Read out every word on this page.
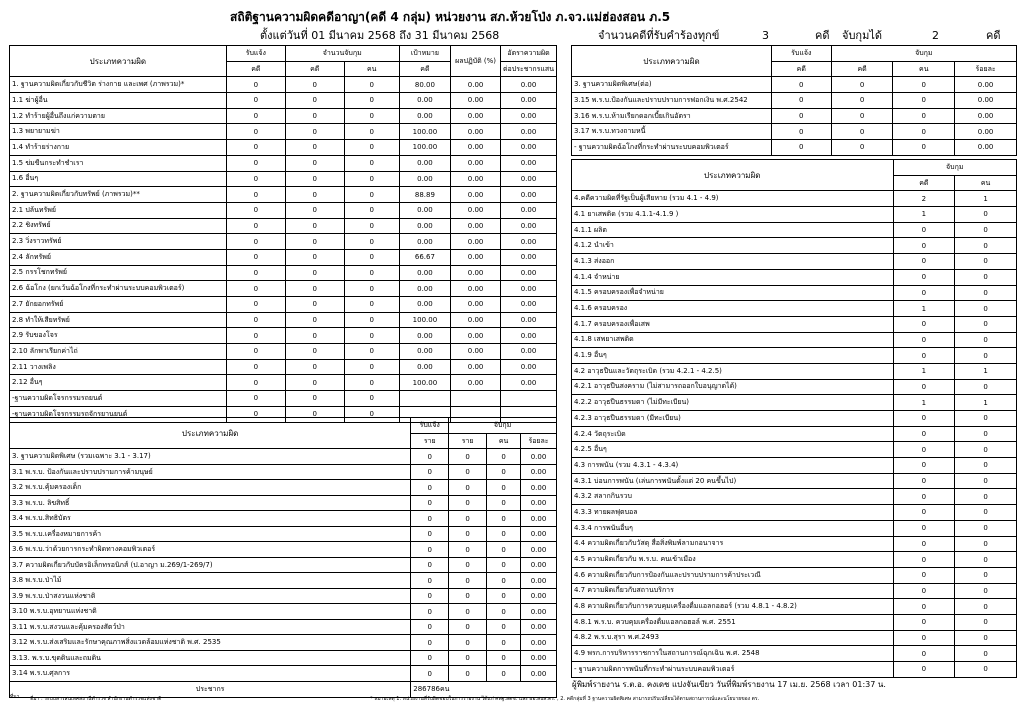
สถิติฐานความผิดคดีอาญา(คดี 4 กลุ่ม) หน่วยงาน สภ.ห้วยโป่ง ภ.จว.แม่ฮ่องสอน ภ.5
ตั้งแต่วันที่ 01 มีนาคม 2568 ถึง 31 มีนาคม 2568	จำนวนคดีที่รับคำร้องทุกข์	3	คดี จับกุมได้	2	คดี
ประเภทความผิด	รับแจ้ง	จำนวนจับกุม		เป้าหมาย	ผลปฏิบัติ (%)	อัตราความผิด
	คดี	คดี	คน	คดี		ต่อประชากรแสน
1. ฐานความผิดเกี่ยวกับชีวิต ร่างกาย และเพศ (ภาพรวม)*	0	0	0	80.00	0.00	0.00
1.1 ฆ่าผู้อื่น	0	0	0	0.00	0.00	0.00
1.2 ทำร้ายผู้อื่นถึงแก่ความตาย	0	0	0	0.00	0.00	0.00
1.3 พยายามฆ่า	0	0	0	100.00	0.00	0.00
1.4 ทำร้ายร่างกาย	0	0	0	100.00	0.00	0.00
1.5 ข่มขืนกระทำชำเรา	0	0	0	0.00	0.00	0.00
1.6 อื่นๆ	0	0	0	0.00	0.00	0.00
2. ฐานความผิดเกี่ยวกับทรัพย์ (ภาพรวม)**	0	0	0	88.89	0.00	0.00
2.1 ปล้นทรัพย์	0	0	0	0.00	0.00	0.00
2.2 ชิงทรัพย์	0	0	0	0.00	0.00	0.00
2.3 วิ่งราวทรัพย์	0	0	0	0.00	0.00	0.00
2.4 ลักทรัพย์	0	0	0	66.67	0.00	0.00
2.5 กรรโชกทรัพย์	0	0	0	0.00	0.00	0.00
2.6 ฉ้อโกง (ยกเว้นฉ้อโกงที่กระทำผ่านระบบคอมพิวเตอร์)	0	0	0	0.00	0.00	0.00
2.7 ยักยอกทรัพย์	0	0	0	0.00	0.00	0.00
2.8 ทำให้เสียทรัพย์	0	0	0	100.00	0.00	0.00
2.9 รับของโจร	0	0	0	0.00	0.00	0.00
2.10 ลักพาเรียกค่าไถ่	0	0	0	0.00	0.00	0.00
2.11 วางเพลิง	0	0	0	0.00	0.00	0.00
2.12 อื่นๆ	0	0	0	100.00	0.00	0.00
-ฐานความผิดโจรกรรมรถยนต์	0	0	0			
-ฐานความผิดโจรกรรมรถจักรยานยนต์	0	0	0			
ประเภทความผิด	รับแจ้ง	จับกุม		
	ราย	ราย	คน	ร้อยละ
3. ฐานความผิดพิเศษ (รวมเฉพาะ 3.1 - 3.17)	0	0	0	0.00
3.1 พ.ร.บ. ป้องกันและปราบปรามการค้ามนุษย์	0	0	0	0.00
3.2 พ.ร.บ.คุ้มครองเด็ก	0	0	0	0.00
3.3 พ.ร.บ. ลิขสิทธิ์	0	0	0	0.00
3.4 พ.ร.บ.สิทธิบัตร	0	0	0	0.00
3.5 พ.ร.บ.เครื่องหมายการค้า	0	0	0	0.00
3.6 พ.ร.บ.ว่าด้วยการกระทำผิดทางคอมพิวเตอร์	0	0	0	0.00
3.7 ความผิดเกี่ยวกับบัตรอิเล็กทรอนิกส์ (ป.อาญา ม.269/1-269/7)	0	0	0	0.00
3.8 พ.ร.บ.ป่าไม้	0	0	0	0.00
3.9 พ.ร.บ.ป่าสงวนแห่งชาติ	0	0	0	0.00
3.10 พ.ร.บ.อุทยานแห่งชาติ	0	0	0	0.00
3.11 พ.ร.บ.สงวนและคุ้มครองสัตว์ป่า	0	0	0	0.00
3.12 พ.ร.บ.ส่งเสริมและรักษาคุณภาพสิ่งแวดล้อมแห่งชาติ พ.ศ. 2535	0	0	0	0.00
3.13. พ.ร.บ.ขุดดินและถมดิน	0	0	0	0.00
3.14 พ.ร.บ.ศุลการ	0	0	0	0.00
ประชากร	286786คน			
ประเภทความผิด	รับแจ้ง	จับกุม		
	คดี	คดี	คน	ร้อยละ
3. ฐานความผิดพิเศษ(ต่อ)	0	0	0	0.00
3.15 พ.ร.บ.ป้องกันและปราบปรามการฟอกเงิน พ.ศ.2542	0	0	0	0.00
3.16 พ.ร.บ.ห้ามเรียกดอกเบี้ยเกินอัตรา	0	0	0	0.00
3.17 พ.ร.บ.ทวงถามหนี้	0	0	0	0.00
- ฐานความผิดฉ้อโกงที่กระทำผ่านระบบคอมพิวเตอร์	0	0	0	0.00
ประเภทความผิด	จับกุม	
	คดี	คน
4.คดีความผิดที่รัฐเป็นผู้เสียหาย (รวม 4.1 - 4.9)	2	1
4.1 ยาเสพติด (รวม 4.1.1-4.1.9 )	1	0
4.1.1 ผลิต	0	0
4.1.2 นำเข้า	0	0
4.1.3 ส่งออก	0	0
4.1.4 จำหน่าย	0	0
4.1.5 ครอบครองเพื่อจำหน่าย	0	0
4.1.6 ครอบครอง	1	0
4.1.7 ครอบครองเพื่อเสพ	0	0
4.1.8 เสพยาเสพติด	0	0
4.1.9 อื่นๆ	0	0
4.2 อาวุธปืนและวัตถุระเบิด (รวม 4.2.1 - 4.2.5)	1	1
4.2.1 อาวุธปืนสงคราม (ไม่สามารถออกใบอนุญาตได้)	0	0
4.2.2 อาวุธปืนธรรมดา (ไม่มีทะเบียน)	1	1
4.2.3 อาวุธปืนธรรมดา (มีทะเบียน)	0	0
4.2.4 วัตถุระเบิด	0	0
4.2.5 อื่นๆ	0	0
4.3 การพนัน (รวม 4.3.1 - 4.3.4)	0	0
4.3.1 บ่อนการพนัน (เล่นการพนันตั้งแต่ 20 คนขึ้นไป)	0	0
4.3.2 สลากกินรวบ	0	0
4.3.3 ทายผลฟุตบอล	0	0
4.3.4 การพนันอื่นๆ	0	0
4.4 ความผิดเกี่ยวกับวัสดุ สื่อสิ่งพิมพ์ลามกอนาจาร	0	0
4.5 ความผิดเกี่ยวกับ พ.ร.บ. คนเข้าเมือง	0	0
4.6 ความผิดเกี่ยวกับการป้องกันและปราบปรามการค้าประเวณี	0	0
4.7 ความผิดเกี่ยวกับสถานบริการ	0	0
4.8 ความผิดเกี่ยวกับการควบคุมเครื่องดื่มแอลกอฮอร์ (รวม 4.8.1 - 4.8.2)	0	0
4.8.1 พ.ร.บ. ควบคุมเครื่องดื่มแอลกอฮอล์ พ.ศ. 2551	0	0
4.8.2 พ.ร.บ.สุรา พ.ศ.2493	0	0
4.9 พรก.การบริหารราชการในสถานการณ์ฉุกเฉิน พ.ศ. 2548	0	0
- ฐานความผิดการพนันที่กระทำผ่านระบบคอมพิวเตอร์	0	0
ผู้พิมพ์รายงาน ร.ต.อ. คงเดช แปงจันเขียว วันที่พิมพ์รายงาน 17 เม.ย. 2568 เวลา 01:37 น.
ที่มา ที่มา : ระบบสารสนเทศสถานีตำรวจ สำนักงานตำรวจแห่งชาติ	* หมายเหตุ 1. หน่วยงานที่รับผิดชอบในการรายงาน ได้แก่ ศพฐ.สตช. และ ผอ.สบส.ตร. , 2. คดีกลุ่มที่ 3 ฐานความผิดพิเศษ สามารถปรับเปลี่ยนได้ตามสถานการณ์และนโยบายของ ตร.
